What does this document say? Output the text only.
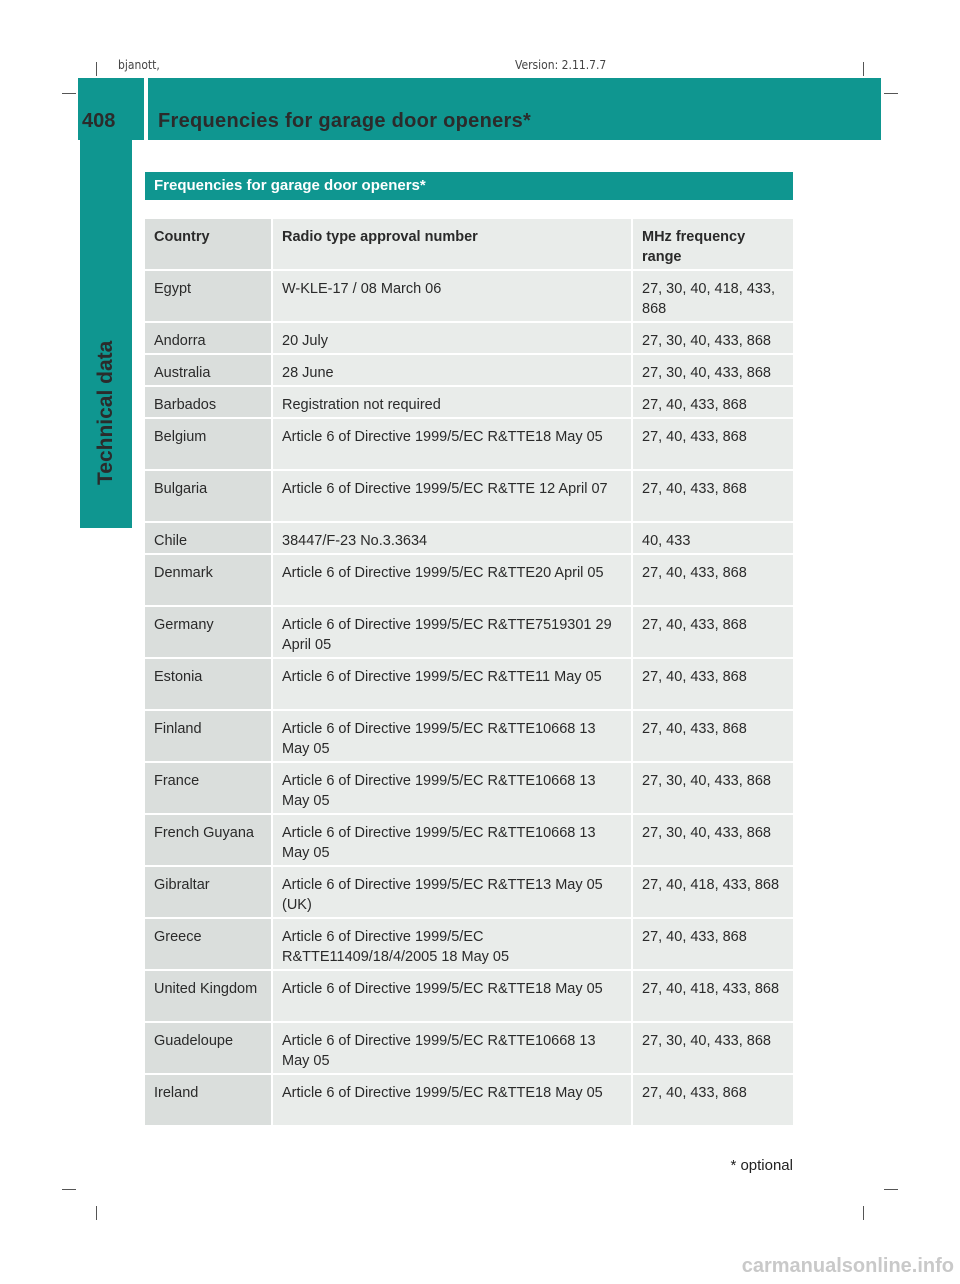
bjanott,	Version: 2.11.7.7
408 Frequencies for garage door openers*
Technical data
Frequencies for garage door openers*
Country	Radio type approval number	MHz frequency range
Egypt	W-KLE-17 / 08 March 06	27, 30, 40, 418, 433, 868
Andorra	20 July	27, 30, 40, 433, 868
Australia	28 June	27, 30, 40, 433, 868
Barbados	Registration not required	27, 40, 433, 868
Belgium	Article 6 of Directive 1999/5/EC R&TTE18 May 05	27, 40, 433, 868
Bulgaria	Article 6 of Directive 1999/5/EC R&TTE 12 April 07	27, 40, 433, 868
Chile	38447/F-23 No.3.3634	40, 433
Denmark	Article 6 of Directive 1999/5/EC R&TTE20 April 05	27, 40, 433, 868
Germany	Article 6 of Directive 1999/5/EC R&TTE7519301 29 April 05	27, 40, 433, 868
Estonia	Article 6 of Directive 1999/5/EC R&TTE11 May 05	27, 40, 433, 868
Finland	Article 6 of Directive 1999/5/EC R&TTE10668 13 May 05	27, 40, 433, 868
France	Article 6 of Directive 1999/5/EC R&TTE10668 13 May 05	27, 30, 40, 433, 868
French Guyana	Article 6 of Directive 1999/5/EC R&TTE10668 13 May 05	27, 30, 40, 433, 868
Gibraltar	Article 6 of Directive 1999/5/EC R&TTE13 May 05 (UK)	27, 40, 418, 433, 868
Greece	Article 6 of Directive 1999/5/EC R&TTE11409/18/4/2005 18 May 05	27, 40, 433, 868
United Kingdom	Article 6 of Directive 1999/5/EC R&TTE18 May 05	27, 40, 418, 433, 868
Guadeloupe	Article 6 of Directive 1999/5/EC R&TTE10668 13 May 05	27, 30, 40, 433, 868
Ireland	Article 6 of Directive 1999/5/EC R&TTE18 May 05	27, 40, 433, 868
* optional
carmanualsonline.info
